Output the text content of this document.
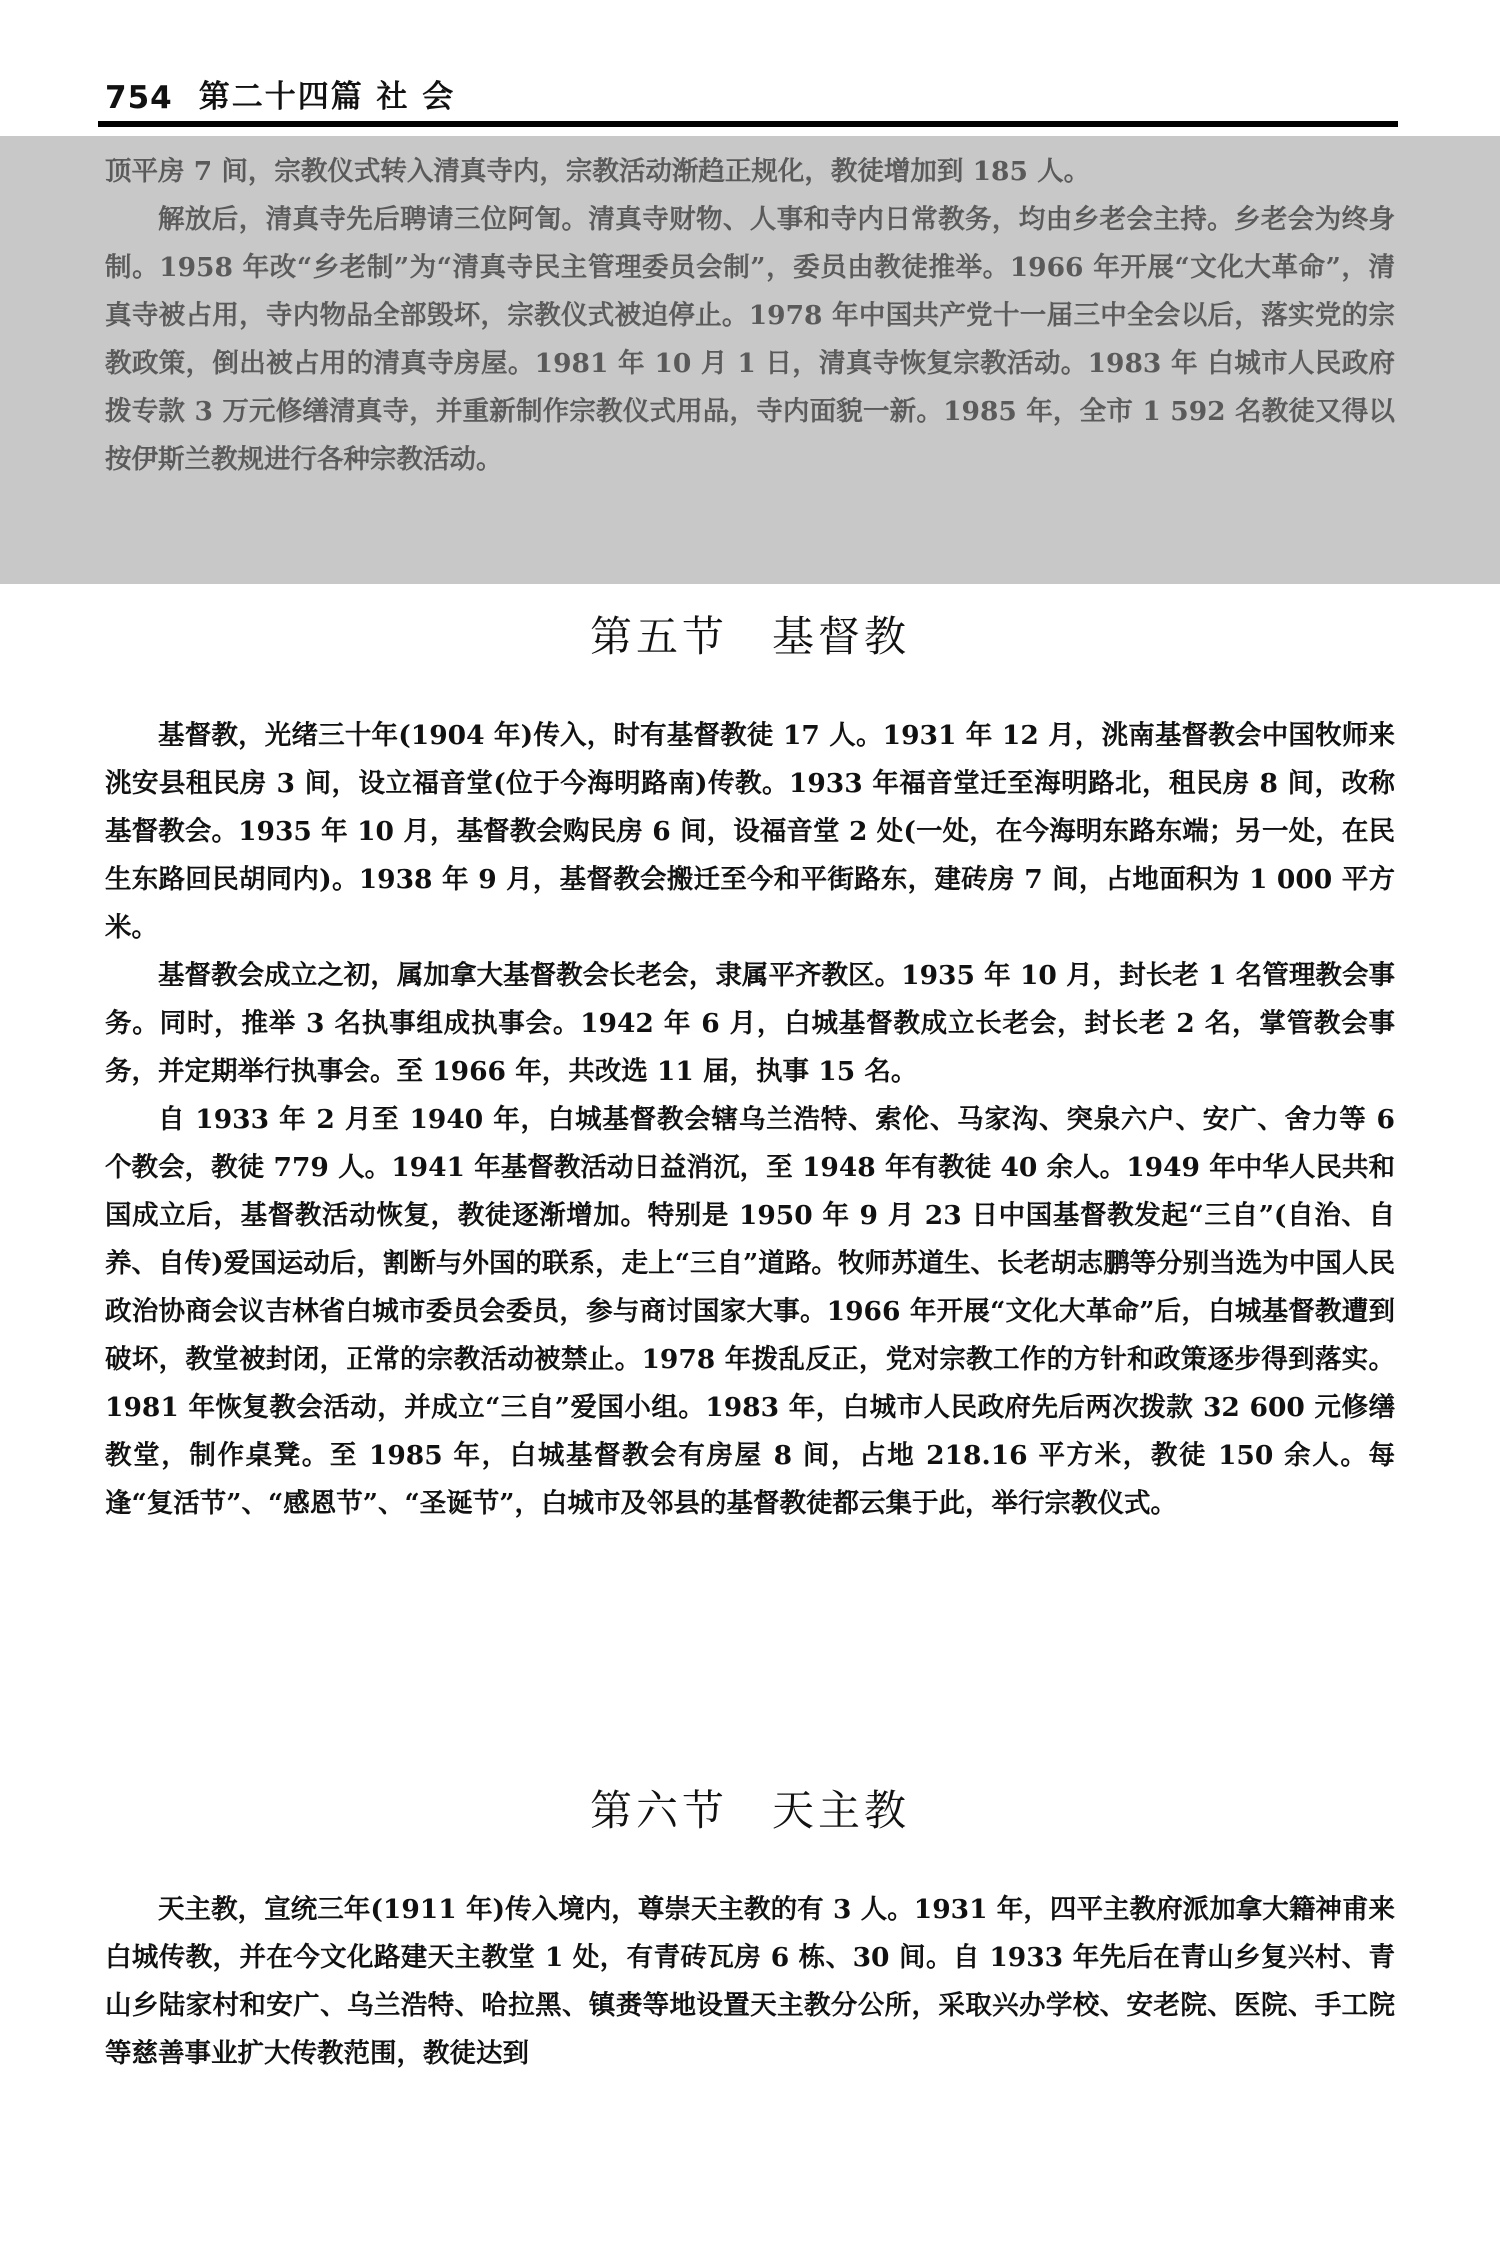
754 第二十四篇 社 会

顶平房 7 间，宗教仪式转入清真寺内，宗教活动渐趋正规化，教徒增加到 185 人。

解放后，清真寺先后聘请三位阿訇。清真寺财物、人事和寺内日常教务，均由乡老会主持。乡老会为终身制。1958 年改“乡老制”为“清真寺民主管理委员会制”，委员由教徒推举。1966 年开展“文化大革命”，清真寺被占用，寺内物品全部毁坏，宗教仪式被迫停止。1978 年中国共产党十一届三中全会以后，落实党的宗教政策，倒出被占用的清真寺房屋。1981 年 10 月 1 日，清真寺恢复宗教活动。1983 年 白城市人民政府拨专款 3 万元修缮清真寺，并重新制作宗教仪式用品，寺内面貌一新。1985 年，全市 1 592 名教徒又得以按伊斯兰教规进行各种宗教活动。

第五节 基督教

基督教，光绪三十年(1904 年)传入，时有基督教徒 17 人。1931 年 12 月，洮南基督教会中国牧师来洮安县租民房 3 间，设立福音堂(位于今海明路南)传教。1933 年福音堂迁至海明路北，租民房 8 间，改称基督教会。1935 年 10 月，基督教会购民房 6 间，设福音堂 2 处(一处，在今海明东路东端；另一处，在民生东路回民胡同内)。1938 年 9 月，基督教会搬迁至今和平街路东，建砖房 7 间，占地面积为 1 000 平方米。

基督教会成立之初，属加拿大基督教会长老会，隶属平齐教区。1935 年 10 月，封长老 1 名管理教会事务。同时，推举 3 名执事组成执事会。1942 年 6 月，白城基督教成立长老会，封长老 2 名，掌管教会事务，并定期举行执事会。至 1966 年，共改选 11 届，执事 15 名。

自 1933 年 2 月至 1940 年，白城基督教会辖乌兰浩特、索伦、马家沟、突泉六户、安广、舍力等 6 个教会，教徒 779 人。1941 年基督教活动日益消沉，至 1948 年有教徒 40 余人。1949 年中华人民共和国成立后，基督教活动恢复，教徒逐渐增加。特别是 1950 年 9 月 23 日中国基督教发起“三自”(自治、自养、自传)爱国运动后，割断与外国的联系，走上“三自”道路。牧师苏道生、长老胡志鹏等分别当选为中国人民政治协商会议吉林省白城市委员会委员，参与商讨国家大事。1966 年开展“文化大革命”后，白城基督教遭到破坏，教堂被封闭，正常的宗教活动被禁止。1978 年拨乱反正，党对宗教工作的方针和政策逐步得到落实。1981 年恢复教会活动，并成立“三自”爱国小组。1983 年，白城市人民政府先后两次拨款 32 600 元修缮教堂，制作桌凳。至 1985 年，白城基督教会有房屋 8 间，占地 218.16 平方米，教徒 150 余人。每逢“复活节”、“感恩节”、“圣诞节”，白城市及邻县的基督教徒都云集于此，举行宗教仪式。

第六节 天主教

天主教，宣统三年(1911 年)传入境内，尊崇天主教的有 3 人。1931 年，四平主教府派加拿大籍神甫来白城传教，并在今文化路建天主教堂 1 处，有青砖瓦房 6 栋、30 间。自 1933 年先后在青山乡复兴村、青山乡陆家村和安广、乌兰浩特、哈拉黑、镇赉等地设置天主教分公所，采取兴办学校、安老院、医院、手工院等慈善事业扩大传教范围，教徒达到
